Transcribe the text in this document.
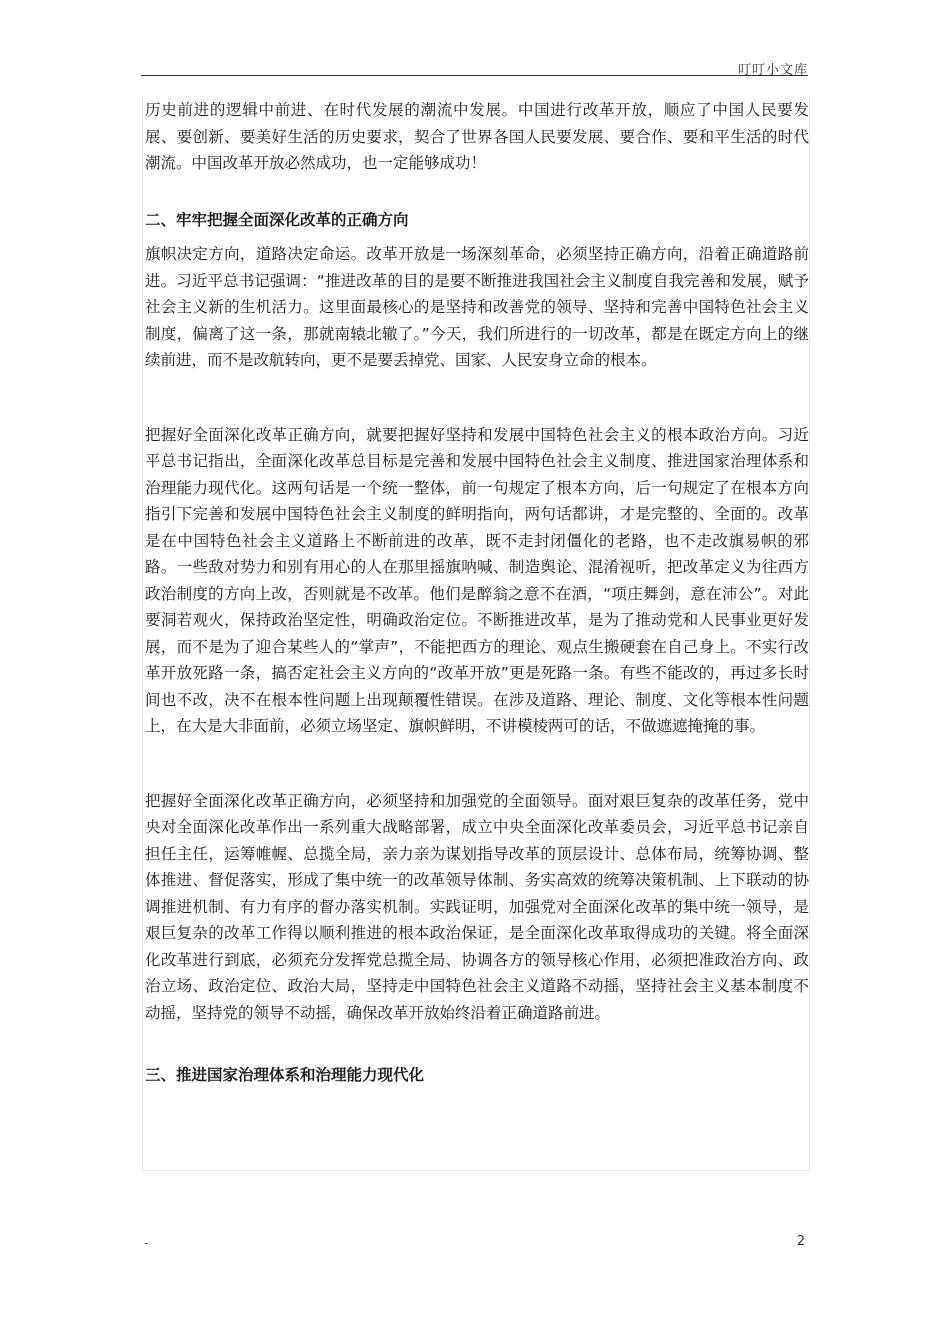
叮叮小文库

历史前进的逻辑中前进、在时代发展的潮流中发展。中国进行改革开放，顺应了中国人民要发展、要创新、要美好生活的历史要求，契合了世界各国人民要发展、要合作、要和平生活的时代潮流。中国改革开放必然成功，也一定能够成功！

二、牢牢把握全面深化改革的正确方向

旗帜决定方向，道路决定命运。改革开放是一场深刻革命，必须坚持正确方向，沿着正确道路前进。习近平总书记强调：“推进改革的目的是要不断推进我国社会主义制度自我完善和发展，赋予社会主义新的生机活力。这里面最核心的是坚持和改善党的领导、坚持和完善中国特色社会主义制度，偏离了这一条，那就南辕北辙了。”今天，我们所进行的一切改革，都是在既定方向上的继续前进，而不是改航转向，更不是要丢掉党、国家、人民安身立命的根本。

把握好全面深化改革正确方向，就要把握好坚持和发展中国特色社会主义的根本政治方向。习近平总书记指出，全面深化改革总目标是完善和发展中国特色社会主义制度、推进国家治理体系和治理能力现代化。这两句话是一个统一整体，前一句规定了根本方向，后一句规定了在根本方向指引下完善和发展中国特色社会主义制度的鲜明指向，两句话都讲，才是完整的、全面的。改革是在中国特色社会主义道路上不断前进的改革，既不走封闭僵化的老路，也不走改旗易帜的邪路。一些敌对势力和别有用心的人在那里摇旗呐喊、制造舆论、混淆视听，把改革定义为往西方政治制度的方向上改，否则就是不改革。他们是醉翁之意不在酒，“项庄舞剑，意在沛公”。对此要洞若观火，保持政治坚定性，明确政治定位。不断推进改革，是为了推动党和人民事业更好发展，而不是为了迎合某些人的“掌声”，不能把西方的理论、观点生搬硬套在自己身上。不实行改革开放死路一条，搞否定社会主义方向的“改革开放”更是死路一条。有些不能改的，再过多长时间也不改，决不在根本性问题上出现颠覆性错误。在涉及道路、理论、制度、文化等根本性问题上，在大是大非面前，必须立场坚定、旗帜鲜明，不讲模棱两可的话，不做遮遮掩掩的事。

把握好全面深化改革正确方向，必须坚持和加强党的全面领导。面对艰巨复杂的改革任务，党中央对全面深化改革作出一系列重大战略部署，成立中央全面深化改革委员会，习近平总书记亲自担任主任，运筹帷幄、总揽全局，亲力亲为谋划指导改革的顶层设计、总体布局，统筹协调、整体推进、督促落实，形成了集中统一的改革领导体制、务实高效的统筹决策机制、上下联动的协调推进机制、有力有序的督办落实机制。实践证明，加强党对全面深化改革的集中统一领导，是艰巨复杂的改革工作得以顺利推进的根本政治保证，是全面深化改革取得成功的关键。将全面深化改革进行到底，必须充分发挥党总揽全局、协调各方的领导核心作用，必须把准政治方向、政治立场、政治定位、政治大局，坚持走中国特色社会主义道路不动摇，坚持社会主义基本制度不动摇，坚持党的领导不动摇，确保改革开放始终沿着正确道路前进。

三、推进国家治理体系和治理能力现代化
-	2
